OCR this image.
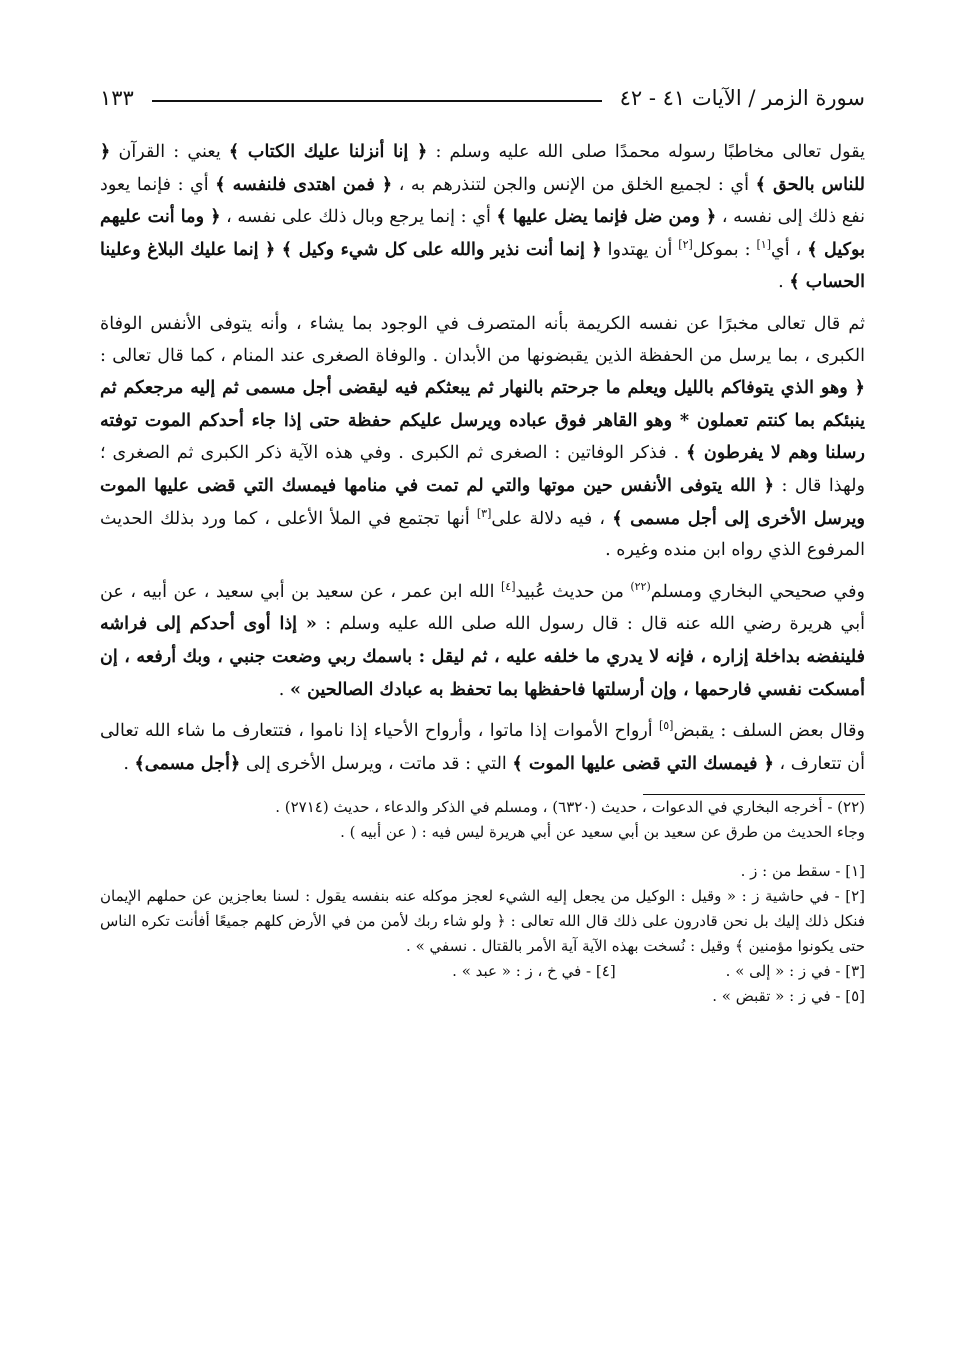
سورة الزمر / الآيات ٤١ - ٤٢
١٣٣

يقول تعالى مخاطبًا رسوله محمدًا صلى الله عليه وسلم : ﴿ إنا أنزلنا عليك الكتاب ﴾ يعني : القرآن ﴿ للناس بالحق ﴾ أي : لجميع الخلق من الإنس والجن لتنذرهم به ، ﴿ فمن اهتدى فلنفسه ﴾ أي : فإنما يعود نفع ذلك إلى نفسه ، ﴿ ومن ضل فإنما يضل عليها ﴾ أي : إنما يرجع وبال ذلك على نفسه ، ﴿ وما أنت عليهم بوكيل ﴾ ، أي[١] : بموكل[٢] أن يهتدوا ﴿ إنما أنت نذير والله على كل شيء وكيل ﴾ ﴿ إنما عليك البلاغ وعلينا الحساب ﴾ .

ثم قال تعالى مخبرًا عن نفسه الكريمة بأنه المتصرف في الوجود بما يشاء ، وأنه يتوفى الأنفس الوفاة الكبرى ، بما يرسل من الحفظة الذين يقبضونها من الأبدان . والوفاة الصغرى عند المنام ، كما قال تعالى : ﴿ وهو الذي يتوفاكم بالليل ويعلم ما جرحتم بالنهار ثم يبعثكم فيه ليقضى أجل مسمى ثم إليه مرجعكم ثم ينبئكم بما كنتم تعملون * وهو القاهر فوق عباده ويرسل عليكم حفظة حتى إذا جاء أحدكم الموت توفته رسلنا وهم لا يفرطون ﴾ . فذكر الوفاتين : الصغرى ثم الكبرى . وفي هذه الآية ذكر الكبرى ثم الصغرى ؛ ولهذا قال : ﴿ الله يتوفى الأنفس حين موتها والتي لم تمت في منامها فيمسك التي قضى عليها الموت ويرسل الأخرى إلى أجل مسمى ﴾ ، فيه دلالة على[٣] أنها تجتمع في الملأ الأعلى ، كما ورد بذلك الحديث المرفوع الذي رواه ابن منده وغيره .

وفي صحيحي البخاري ومسلم$^{(٢٢)}$ من حديث عُبيد[٤] الله ابن عمر ، عن سعيد بن أبي سعيد ، عن أبيه ، عن أبي هريرة رضي الله عنه قال : قال رسول الله صلى الله عليه وسلم : « إذا أوى أحدكم إلى فراشه فلينفضه بداخلة إزاره ، فإنه لا يدري ما خلفه عليه ، ثم ليقل : باسمك ربي وضعت جنبي ، وبك أرفعه ، إن أمسكت نفسي فارحمها ، وإن أرسلتها فاحفظها بما تحفظ به عبادك الصالحين » .

وقال بعض السلف : يقبض[٥] أرواح الأموات إذا ماتوا ، وأرواح الأحياء إذا ناموا ، فتتعارف ما شاء الله تعالى أن تتعارف ، ﴿ فيمسك التي قضى عليها الموت ﴾ التي : قد ماتت ، ويرسل الأخرى إلى ﴿أجل مسمى﴾ .

(٢٢) - أخرجه البخاري في الدعوات ، حديث (٦٣٢٠) ، ومسلم في الذكر والدعاء ، حديث (٢٧١٤) .

وجاء الحديث من طرق عن سعيد بن أبي سعيد عن أبي هريرة ليس فيه : ( عن أبيه ) .

[١] - سقط من : ز .

[٢] - في حاشية ز : « وقيل : الوكيل من يجعل إليه الشيء لعجز موكله عنه بنفسه يقول : لسنا بعاجزين عن حملهم الإيمان فنكل ذلك إليك بل نحن قادرون على ذلك قال الله تعالى : ﴿ ولو شاء ربك لأمن من في الأرض كلهم جميعًا أفأنت تكره الناس حتى يكونوا مؤمنين ﴾ وقيل : نُسخت بهذه الآية آية الأمر بالقتال . نسفي » .

[٣] - في ز : « إلى » .
[٤] - في خ ، ز : « عبد » .

[٥] - في ز : « تقبض » .
